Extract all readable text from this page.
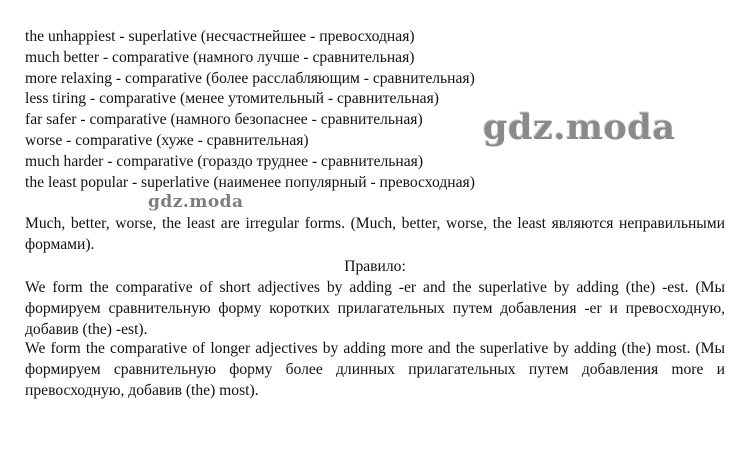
the unhappiest - superlative (несчастнейшее - превосходная)
much better - comparative (намного лучше - сравнительная)
more relaxing - comparative (более расслабляющим - сравнительная)
less tiring - comparative (менее утомительный - сравнительная)
far safer - comparative (намного безопаснее - сравнительная)
worse - comparative (хуже - сравнительная)
much harder - comparative (гораздо труднее - сравнительная)
the least popular - superlative (наименее популярный - превосходная)

Much, better, worse, the least are irregular forms. (Much, better, worse, the least являются неправильными формами).

Правило:

We form the comparative of short adjectives by adding -er and the superlative by adding (the) -est. (Мы формируем сравнительную форму коротких прилагательных путем добавления -er и превосходную, добавив (the) -est).

We form the comparative of longer adjectives by adding more and the superlative by adding (the) most. (Мы формируем сравнительную форму более длинных прилагательных путем добавления more и превосходную, добавив (the) most).

gdz.moda
gdz.moda
